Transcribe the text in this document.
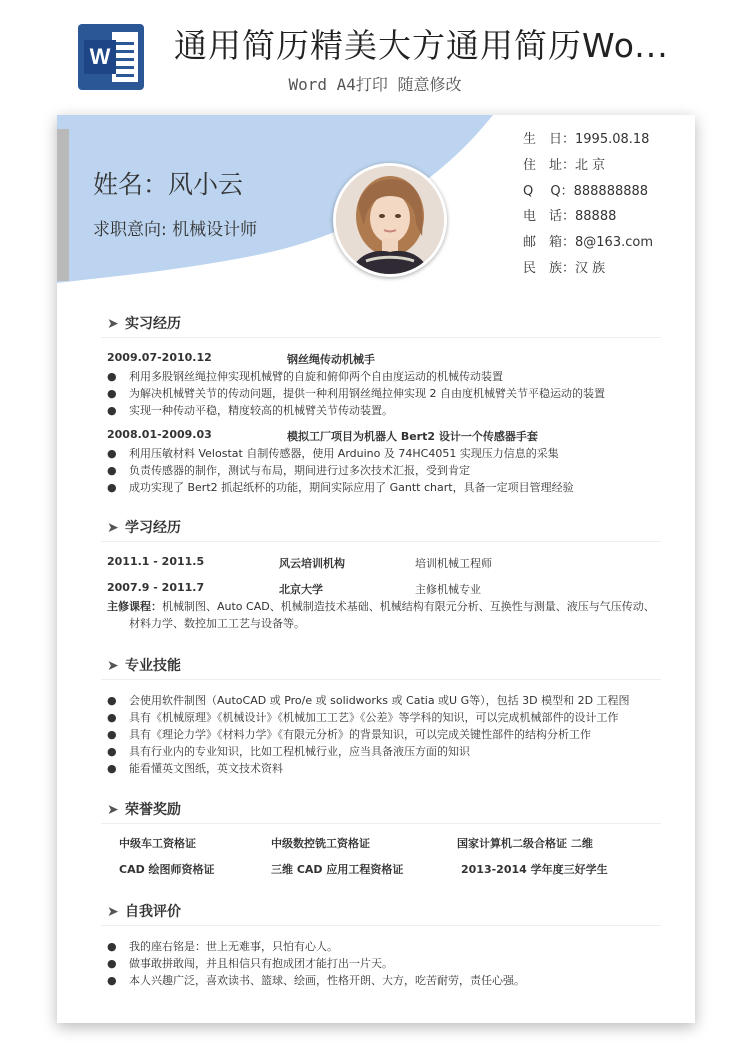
W 通用简历精美大方通用简历Wo...
Word A4打印 随意修改
姓名：风小云
求职意向: 机械设计师
生　日：1995.08.18
住　址：北 京
Q　 Q：888888888
电　话：88888
邮　箱：8@163.com
民　族：汉 族
➤ 实习经历
2009.07-2010.12	钢丝绳传动机械手
● 利用多股钢丝绳拉伸实现机械臂的自旋和俯仰两个自由度运动的机械传动装置
● 为解决机械臂关节的传动问题，提供一种利用钢丝绳拉伸实现 2 自由度机械臂关节平稳运动的装置
● 实现一种传动平稳，精度较高的机械臂关节传动装置。
2008.01-2009.03	模拟工厂项目为机器人 Bert2 设计一个传感器手套
● 利用压敏材料 Velostat 自制传感器，使用 Arduino 及 74HC4051 实现压力信息的采集
● 负责传感器的制作，测试与布局，期间进行过多次技术汇报，受到肯定
● 成功实现了 Bert2 抓起纸杯的功能，期间实际应用了 Gantt chart，具备一定项目管理经验
➤ 学习经历
2011.1 - 2011.5	风云培训机构	培训机械工程师
2007.9 - 2011.7	北京大学	主修机械专业
主修课程：机械制图、Auto CAD、机械制造技术基础、机械结构有限元分析、互换性与测量、液压与气压传动、
材料力学、数控加工工艺与设备等。
➤ 专业技能
● 会使用软件制图（AutoCAD 或 Pro/e 或 solidworks 或 Catia 或U G等），包括 3D 模型和 2D 工程图
● 具有《机械原理》《机械设计》《机械加工工艺》《公差》等学科的知识，可以完成机械部件的设计工作
● 具有《理论力学》《材料力学》《有限元分析》的背景知识，可以完成关键性部件的结构分析工作
● 具有行业内的专业知识，比如工程机械行业，应当具备液压方面的知识
● 能看懂英文图纸，英文技术资料
➤ 荣誉奖励
中级车工资格证	中级数控铣工资格证	国家计算机二级合格证 二维
CAD 绘图师资格证	三维 CAD 应用工程资格证	2013-2014 学年度三好学生
➤ 自我评价
● 我的座右铭是：世上无难事，只怕有心人。
● 做事敢拼敢闯，并且相信只有抱成团才能打出一片天。
● 本人兴趣广泛，喜欢读书、篮球、绘画，性格开朗、大方，吃苦耐劳，责任心强。
